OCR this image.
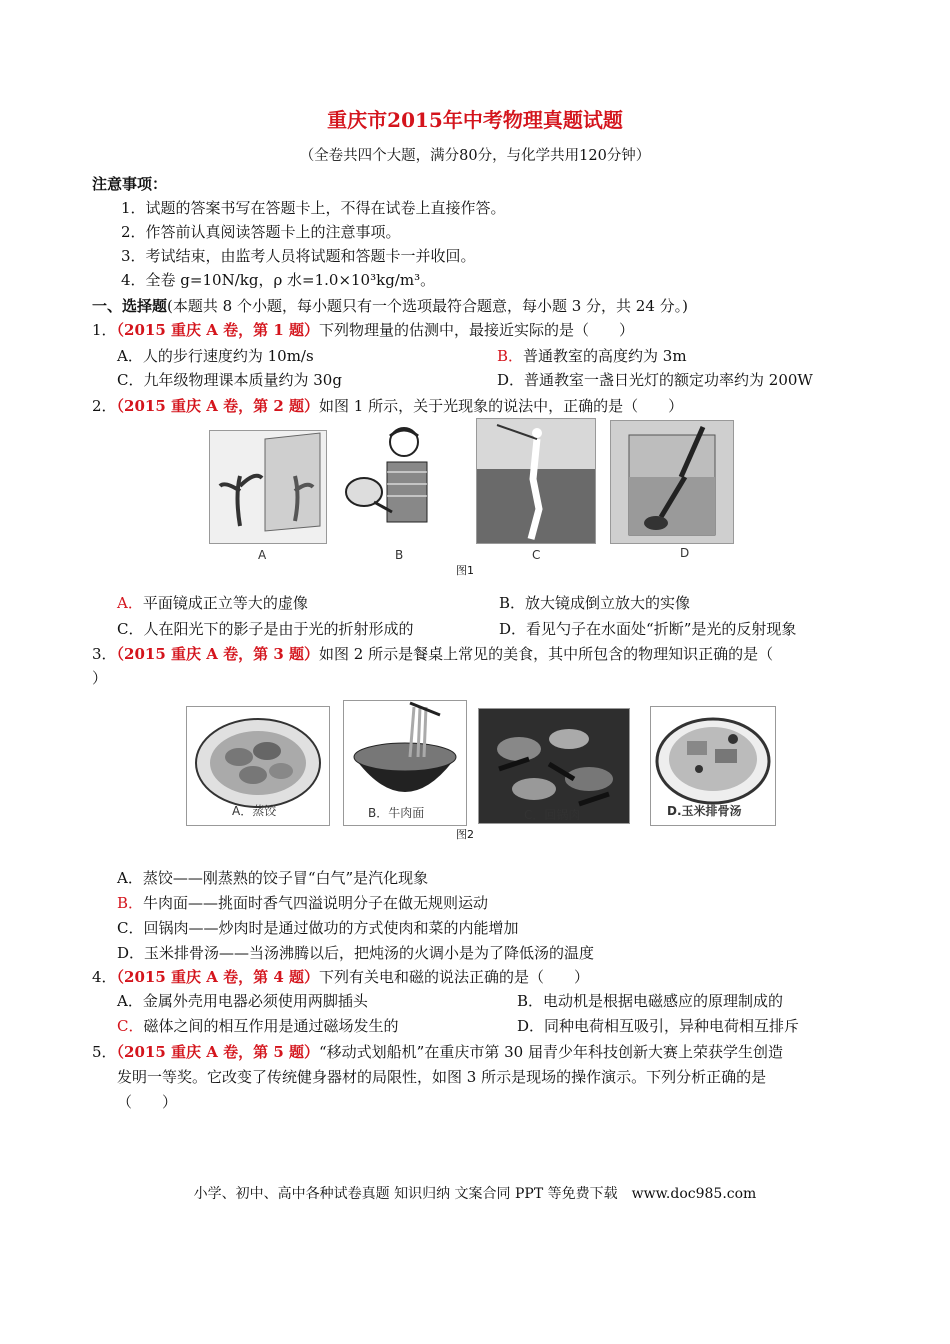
重庆市2015年中考物理真题试题
（全卷共四个大题，满分80分，与化学共用120分钟）
注意事项：
1．试题的答案书写在答题卡上，不得在试卷上直接作答。
2．作答前认真阅读答题卡上的注意事项。
3．考试结束，由监考人员将试题和答题卡一并收回。
4．全卷 g=10N/kg，ρ 水=1.0×10³kg/m³。
一、选择题(本题共 8 个小题，每小题只有一个选项最符合题意，每小题 3 分，共 24 分。)
1．（2015 重庆 A 卷，第 1 题）下列物理量的估测中，最接近实际的是（　　）
A．人的步行速度约为 10m/s	B．普通教室的高度约为 3m
C．九年级物理课本质量约为 30g	D．普通教室一盏日光灯的额定功率约为 200W
2．（2015 重庆 A 卷，第 2 题）如图 1 所示，关于光现象的说法中，正确的是（　　）
A	B	C	D
图1
A．平面镜成正立等大的虚像	B．放大镜成倒立放大的实像
C．人在阳光下的影子是由于光的折射形成的	D．看见勺子在水面处“折断”是光的反射现象
3．（2015 重庆 A 卷，第 3 题）如图 2 所示是餐桌上常见的美食，其中所包含的物理知识正确的是（
）
A．蒸饺	B．牛肉面	C．回锅肉	D.玉米排骨汤
图2
A．蒸饺——刚蒸熟的饺子冒“白气”是汽化现象
B．牛肉面——挑面时香气四溢说明分子在做无规则运动
C．回锅肉——炒肉时是通过做功的方式使肉和菜的内能增加
D．玉米排骨汤——当汤沸腾以后，把炖汤的火调小是为了降低汤的温度
4．（2015 重庆 A 卷，第 4 题）下列有关电和磁的说法正确的是（　　）
A．金属外壳用电器必须使用两脚插头	B．电动机是根据电磁感应的原理制成的
C．磁体之间的相互作用是通过磁场发生的	D．同种电荷相互吸引，异种电荷相互排斥
5．（2015 重庆 A 卷，第 5 题）“移动式划船机”在重庆市第 30 届青少年科技创新大赛上荣获学生创造
发明一等奖。它改变了传统健身器材的局限性，如图 3 所示是现场的操作演示。下列分析正确的是
（　　）
小学、初中、高中各种试卷真题 知识归纳 文案合同 PPT 等免费下载　www.doc985.com
